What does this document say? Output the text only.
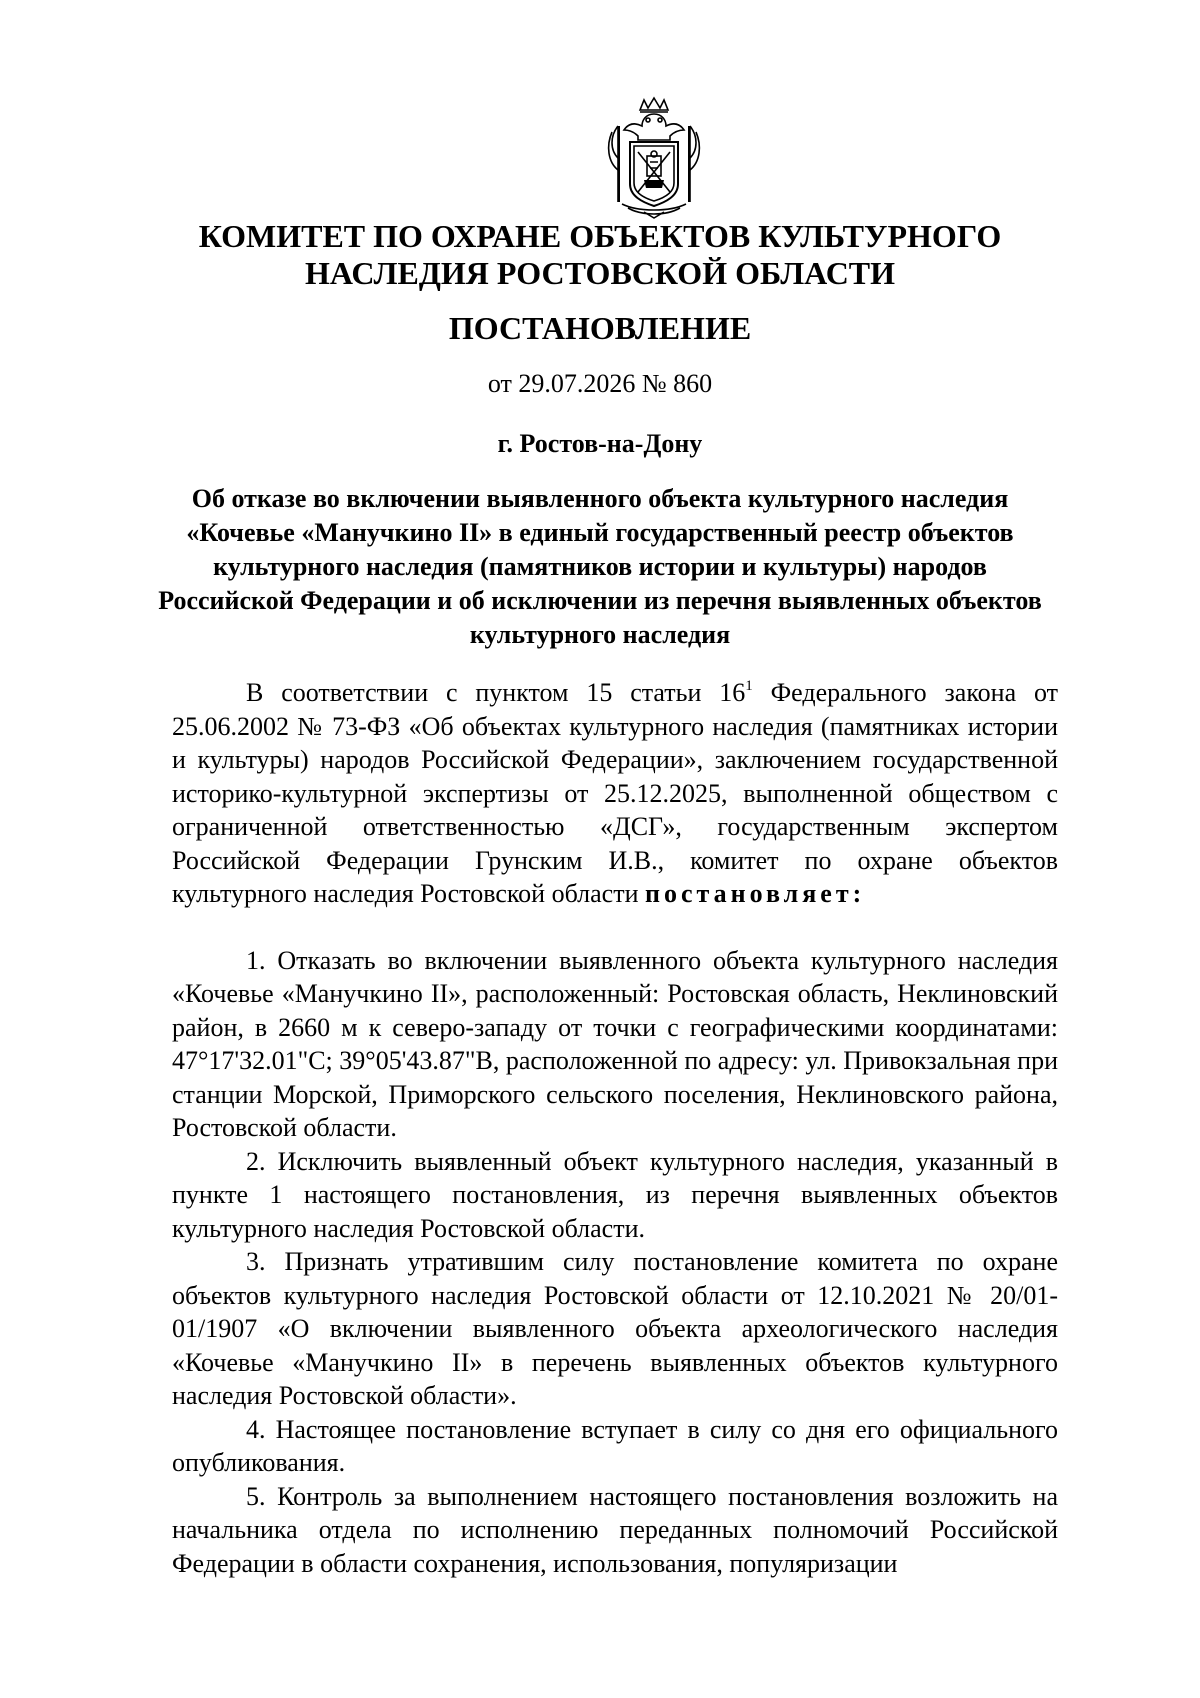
КОМИТЕТ ПО ОХРАНЕ ОБЪЕКТОВ КУЛЬТУРНОГО
НАСЛЕДИЯ РОСТОВСКОЙ ОБЛАСТИ
ПОСТАНОВЛЕНИЕ
от 29.07.2026 № 860
г. Ростов-на-Дону
Об отказе во включении выявленного объекта культурного наследия «Кочевье «Манучкино II» в единый государственный реестр объектов культурного наследия (памятников истории и культуры) народов Российской Федерации и об исключении из перечня выявленных объектов культурного наследия

В соответствии с пунктом 15 статьи $16^1$ Федерального закона от 25.06.2002 № 73-ФЗ «Об объектах культурного наследия (памятниках истории и культуры) народов Российской Федерации», заключением государственной историко-культурной экспертизы от 25.12.2025, выполненной обществом с ограниченной ответственностью «ДСГ», государственным экспертом Российской Федерации Грунским И.В., комитет по охране объектов культурного наследия Ростовской области постановляет:

1. Отказать во включении выявленного объекта культурного наследия «Кочевье «Манучкино II», расположенный: Ростовская область, Неклиновский район, в 2660 м к северо-западу от точки с географическими координатами: 47°17'32.01"С; 39°05'43.87"В, расположенной по адресу: ул. Привокзальная при станции Морской, Приморского сельского поселения, Неклиновского района, Ростовской области.

2. Исключить выявленный объект культурного наследия, указанный в пункте 1 настоящего постановления, из перечня выявленных объектов культурного наследия Ростовской области.

3. Признать утратившим силу постановление комитета по охране объектов культурного наследия Ростовской области от 12.10.2021 № 20/01-01/1907 «О включении выявленного объекта археологического наследия «Кочевье «Манучкино II» в перечень выявленных объектов культурного наследия Ростовской области».

4. Настоящее постановление вступает в силу со дня его официального опубликования.

5. Контроль за выполнением настоящего постановления возложить на начальника отдела по исполнению переданных полномочий Российской Федерации в области сохранения, использования, популяризации
